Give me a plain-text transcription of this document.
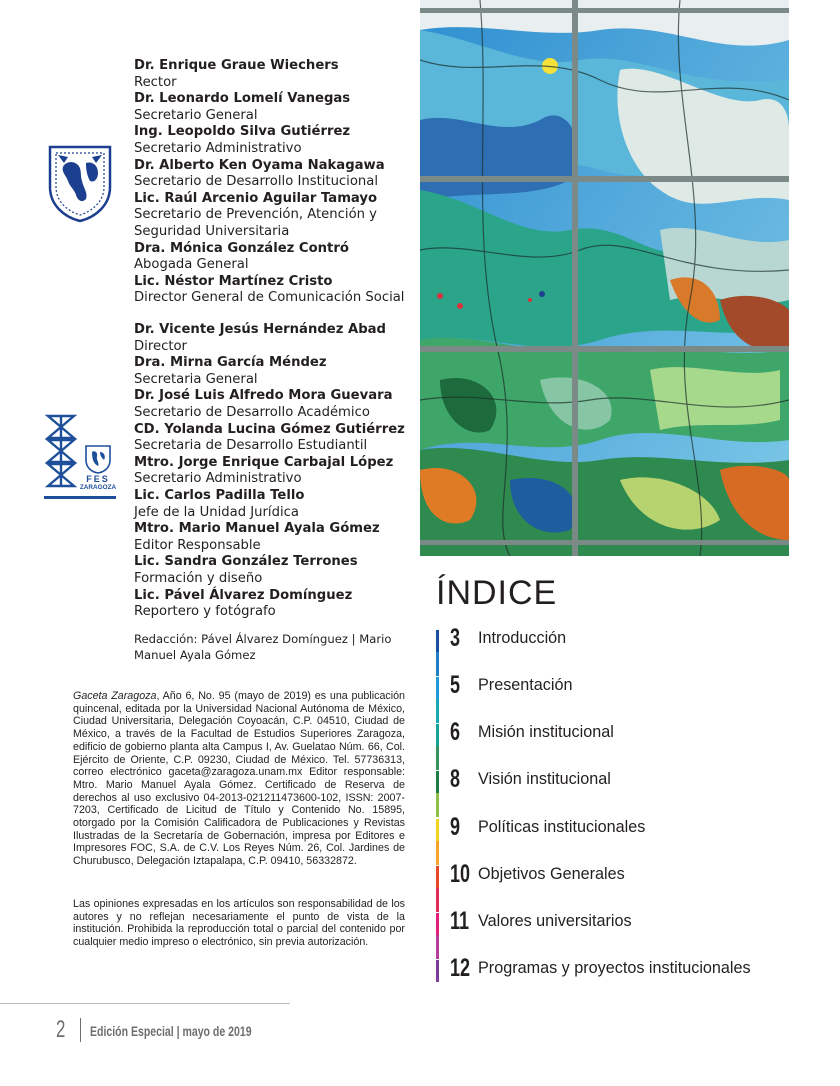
FES
ZARAGOZA
Dr. Enrique Graue Wiechers
Rector
Dr. Leonardo Lomelí Vanegas
Secretario General
Ing. Leopoldo Silva Gutiérrez
Secretario Administrativo
Dr. Alberto Ken Oyama Nakagawa
Secretario de Desarrollo Institucional
Lic. Raúl Arcenio Aguilar Tamayo
Secretario de Prevención, Atención y
Seguridad Universitaria
Dra. Mónica González Contró
Abogada General
Lic. Néstor Martínez Cristo
Director General de Comunicación Social
Dr. Vicente Jesús Hernández Abad
Director
Dra. Mirna García Méndez
Secretaria General
Dr. José Luis Alfredo Mora Guevara
Secretario de Desarrollo Académico
CD. Yolanda Lucina Gómez Gutiérrez
Secretaria de Desarrollo Estudiantil
Mtro. Jorge Enrique Carbajal López
Secretario Administrativo
Lic. Carlos Padilla Tello
Jefe de la Unidad Jurídica
Mtro. Mario Manuel Ayala Gómez
Editor Responsable
Lic. Sandra González Terrones
Formación y diseño
Lic. Pável Álvarez Domínguez
Reportero y fotógrafo
Redacción: Pável Álvarez Domínguez | Mario Manuel Ayala Gómez
Gaceta Zaragoza, Año 6, No. 95 (mayo de 2019) es una publicación quincenal, editada por la Universidad Nacional Autónoma de México, Ciudad Universitaria, Delegación Coyoacán, C.P. 04510, Ciudad de México, a través de la Facultad de Estudios Superiores Zaragoza, edificio de gobierno planta alta Campus I, Av. Guelatao Núm. 66, Col. Ejército de Oriente, C.P. 09230, Ciudad de México. Tel. 57736313, correo electrónico gaceta@zaragoza.unam.mx Editor responsable: Mtro. Mario Manuel Ayala Gómez. Certificado de Reserva de derechos al uso exclusivo 04-2013-021211473600-102, ISSN: 2007-7203, Certificado de Licitud de Título y Contenido No. 15895, otorgado por la Comisión Calificadora de Publicaciones y Revistas Ilustradas de la Secretaría de Gobernación, impresa por Editores e Impresores FOC, S.A. de C.V. Los Reyes Núm. 26, Col. Jardines de Churubusco, Delegación Iztapalapa, C.P. 09410, 56332872.
Las opiniones expresadas en los artículos son responsabilidad de los autores y no reflejan necesariamente el punto de vista de la institución. Prohibida la reproducción total o parcial del contenido por cualquier medio impreso o electrónico, sin previa autorización.
ÍNDICE
3 Introducción
5 Presentación
6 Misión institucional
8 Visión institucional
9 Políticas institucionales
10 Objetivos Generales
11 Valores universitarios
12 Programas y proyectos institucionales
2 Edición Especial | mayo de 2019
